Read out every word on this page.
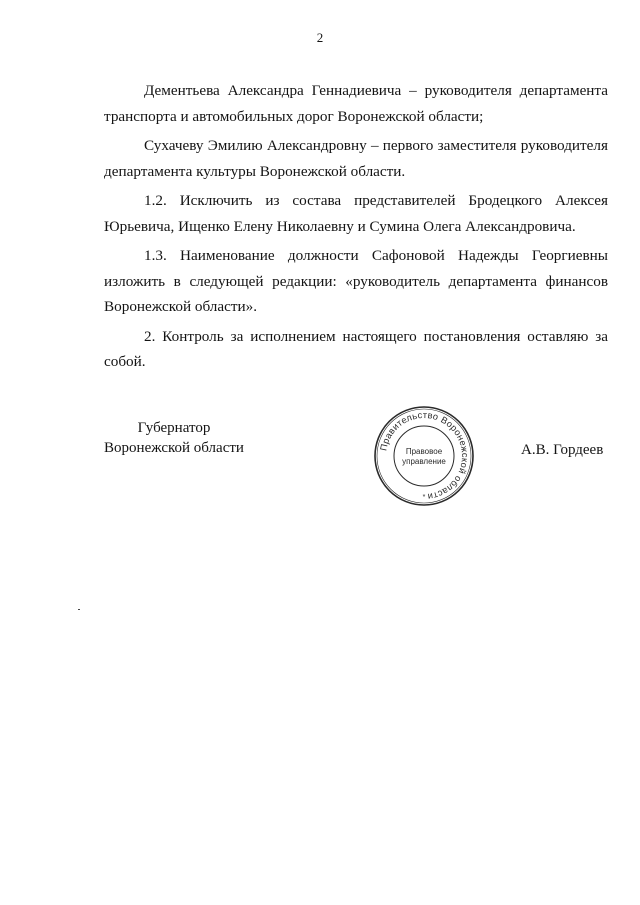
2

Дементьева Александра Геннадиевича – руководителя департамента транспорта и автомобильных дорог Воронежской области;

Сухачеву Эмилию Александровну – первого заместителя руководителя департамента культуры Воронежской области.

1.2. Исключить из состава представителей Бродецкого Алексея Юрьевича, Ищенко Елену Николаевну и Сумина Олега Александровича.

1.3. Наименование должности Сафоновой Надежды Георгиевны изложить в следующей редакции: «руководитель департамента финансов Воронежской области».

2. Контроль за исполнением настоящего постановления оставляю за собой.

Губернатор
Воронежской области	Правительство Воронежской области
Правовое
управление
*
А.В. Гордеев
